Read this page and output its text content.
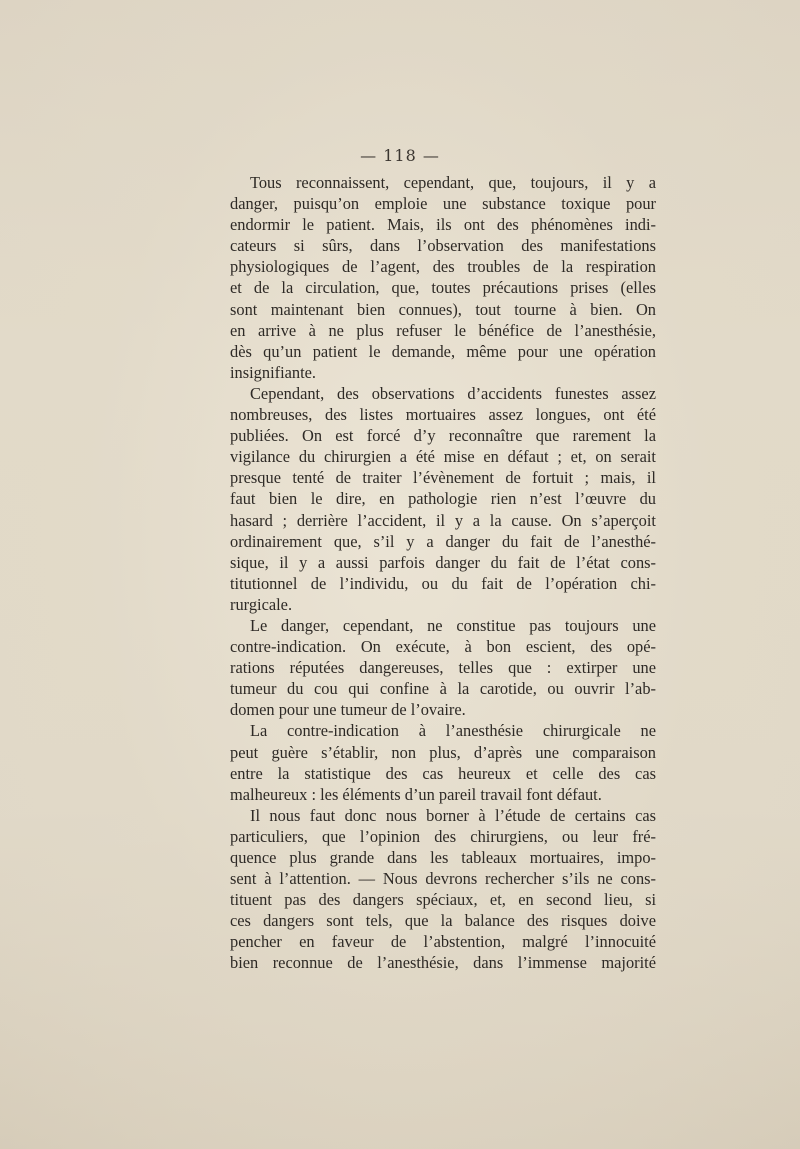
— 118 —
Tous reconnaissent, cependant, que, toujours, il y a
danger, puisqu’on emploie une substance toxique pour
endormir le patient. Mais, ils ont des phénomènes indi-
cateurs si sûrs, dans l’observation des manifestations
physiologiques de l’agent, des troubles de la respiration
et de la circulation, que, toutes précautions prises (elles
sont maintenant bien connues), tout tourne à bien. On
en arrive à ne plus refuser le bénéfice de l’anesthésie,
dès qu’un patient le demande, même pour une opération
insignifiante.
Cependant, des observations d’accidents funestes assez
nombreuses, des listes mortuaires assez longues, ont été
publiées. On est forcé d’y reconnaître que rarement la
vigilance du chirurgien a été mise en défaut ; et, on serait
presque tenté de traiter l’évènement de fortuit ; mais, il
faut bien le dire, en pathologie rien n’est l’œuvre du
hasard ; derrière l’accident, il y a la cause. On s’aperçoit
ordinairement que, s’il y a danger du fait de l’anesthé-
sique, il y a aussi parfois danger du fait de l’état cons-
titutionnel de l’individu, ou du fait de l’opération chi-
rurgicale.
Le danger, cependant, ne constitue pas toujours une
contre-indication. On exécute, à bon escient, des opé-
rations réputées dangereuses, telles que : extirper une
tumeur du cou qui confine à la carotide, ou ouvrir l’ab-
domen pour une tumeur de l’ovaire.
La contre-indication à l’anesthésie chirurgicale ne
peut guère s’établir, non plus, d’après une comparaison
entre la statistique des cas heureux et celle des cas
malheureux : les éléments d’un pareil travail font défaut.
Il nous faut donc nous borner à l’étude de certains cas
particuliers, que l’opinion des chirurgiens, ou leur fré-
quence plus grande dans les tableaux mortuaires, impo-
sent à l’attention. — Nous devrons rechercher s’ils ne cons-
tituent pas des dangers spéciaux, et, en second lieu, si
ces dangers sont tels, que la balance des risques doive
pencher en faveur de l’abstention, malgré l’innocuité
bien reconnue de l’anesthésie, dans l’immense majorité
